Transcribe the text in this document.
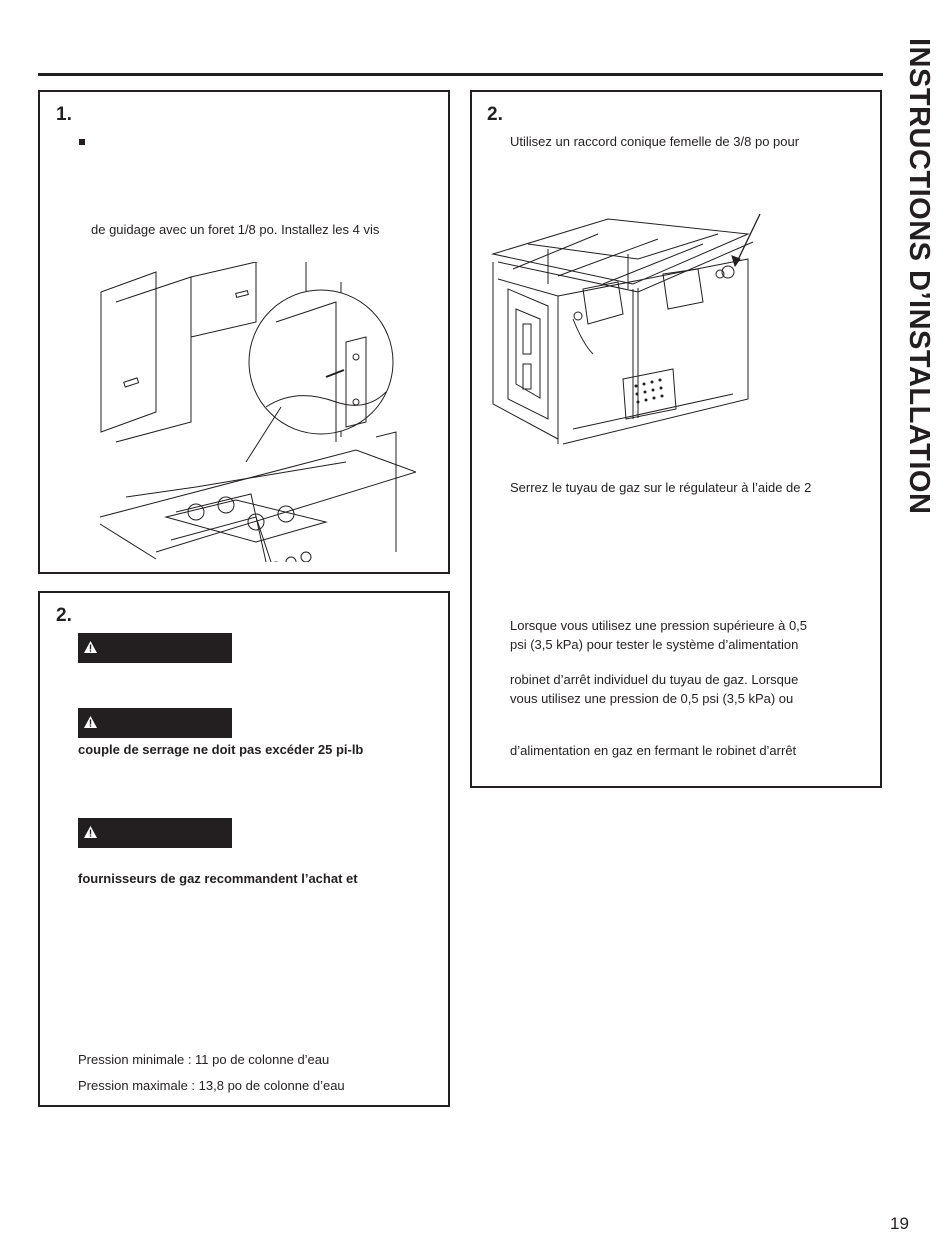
INSTRUCTIONS D’INSTALLATION
1.
de guidage avec un foret 1/8 po. Installez les 4 vis
2.
couple de serrage ne doit pas excéder 25 pi-lb
fournisseurs de gaz recommandent l’achat et
Pression minimale : 11 po de colonne d’eau
Pression maximale : 13,8 po de colonne d’eau
2.
Utilisez un raccord conique femelle de 3/8 po pour
Serrez le tuyau de gaz sur le régulateur à l’aide de 2
Lorsque vous utilisez une pression supérieure à 0,5
psi (3,5 kPa) pour tester le système d’alimentation
robinet d’arrêt individuel du tuyau de gaz. Lorsque
vous utilisez une pression de 0,5 psi (3,5 kPa) ou
d’alimentation en gaz en fermant le robinet d’arrêt
19
